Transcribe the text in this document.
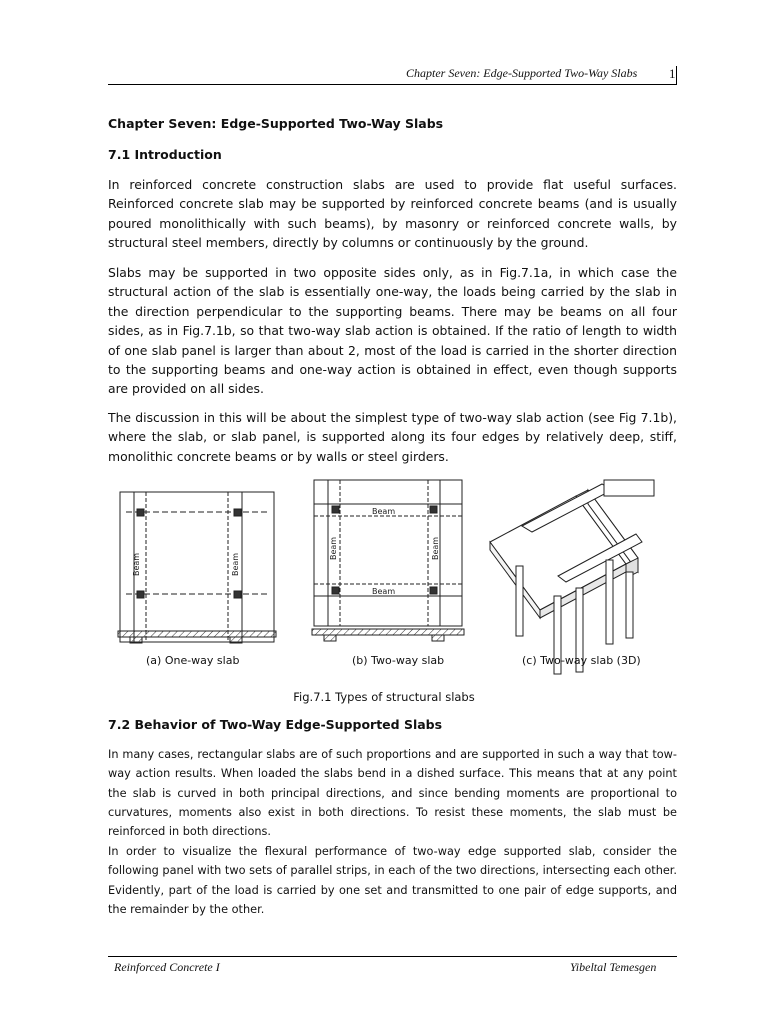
Chapter Seven: Edge-Supported Two-Way Slabs 1
Chapter Seven: Edge-Supported Two-Way Slabs
7.1 Introduction
In reinforced concrete construction slabs are used to provide flat useful surfaces. Reinforced concrete slab may be supported by reinforced concrete beams (and is usually poured monolithically with such beams), by masonry or reinforced concrete walls, by structural steel members, directly by columns or continuously by the ground.
Slabs may be supported in two opposite sides only, as in Fig.7.1a, in which case the structural action of the slab is essentially one-way, the loads being carried by the slab in the direction perpendicular to the supporting beams. There may be beams on all four sides, as in Fig.7.1b, so that two-way slab action is obtained. If the ratio of length to width of one slab panel is larger than about 2, most of the load is carried in the shorter direction to the supporting beams and one-way action is obtained in effect, even though supports are provided on all sides.
The discussion in this will be about the simplest type of two-way slab action (see Fig 7.1b), where the slab, or slab panel, is supported along its four edges by relatively deep, stiff, monolithic concrete beams or by walls or steel girders.
Beam	Beam
Beam
Beam
Beam	Beam
(a) One-way slab	(b) Two-way slab	(c) Two-way slab (3D)
Fig.7.1 Types of structural slabs
7.2 Behavior of Two-Way Edge-Supported Slabs
In many cases, rectangular slabs are of such proportions and are supported in such a way that tow-way action results. When loaded the slabs bend in a dished surface. This means that at any point the slab is curved in both principal directions, and since bending moments are proportional to curvatures, moments also exist in both directions. To resist these moments, the slab must be reinforced in both directions.
In order to visualize the flexural performance of two-way edge supported slab, consider the following panel with two sets of parallel strips, in each of the two directions, intersecting each other. Evidently, part of the load is carried by one set and transmitted to one pair of edge supports, and the remainder by the other.
Reinforced Concrete I	Yibeltal Temesgen
